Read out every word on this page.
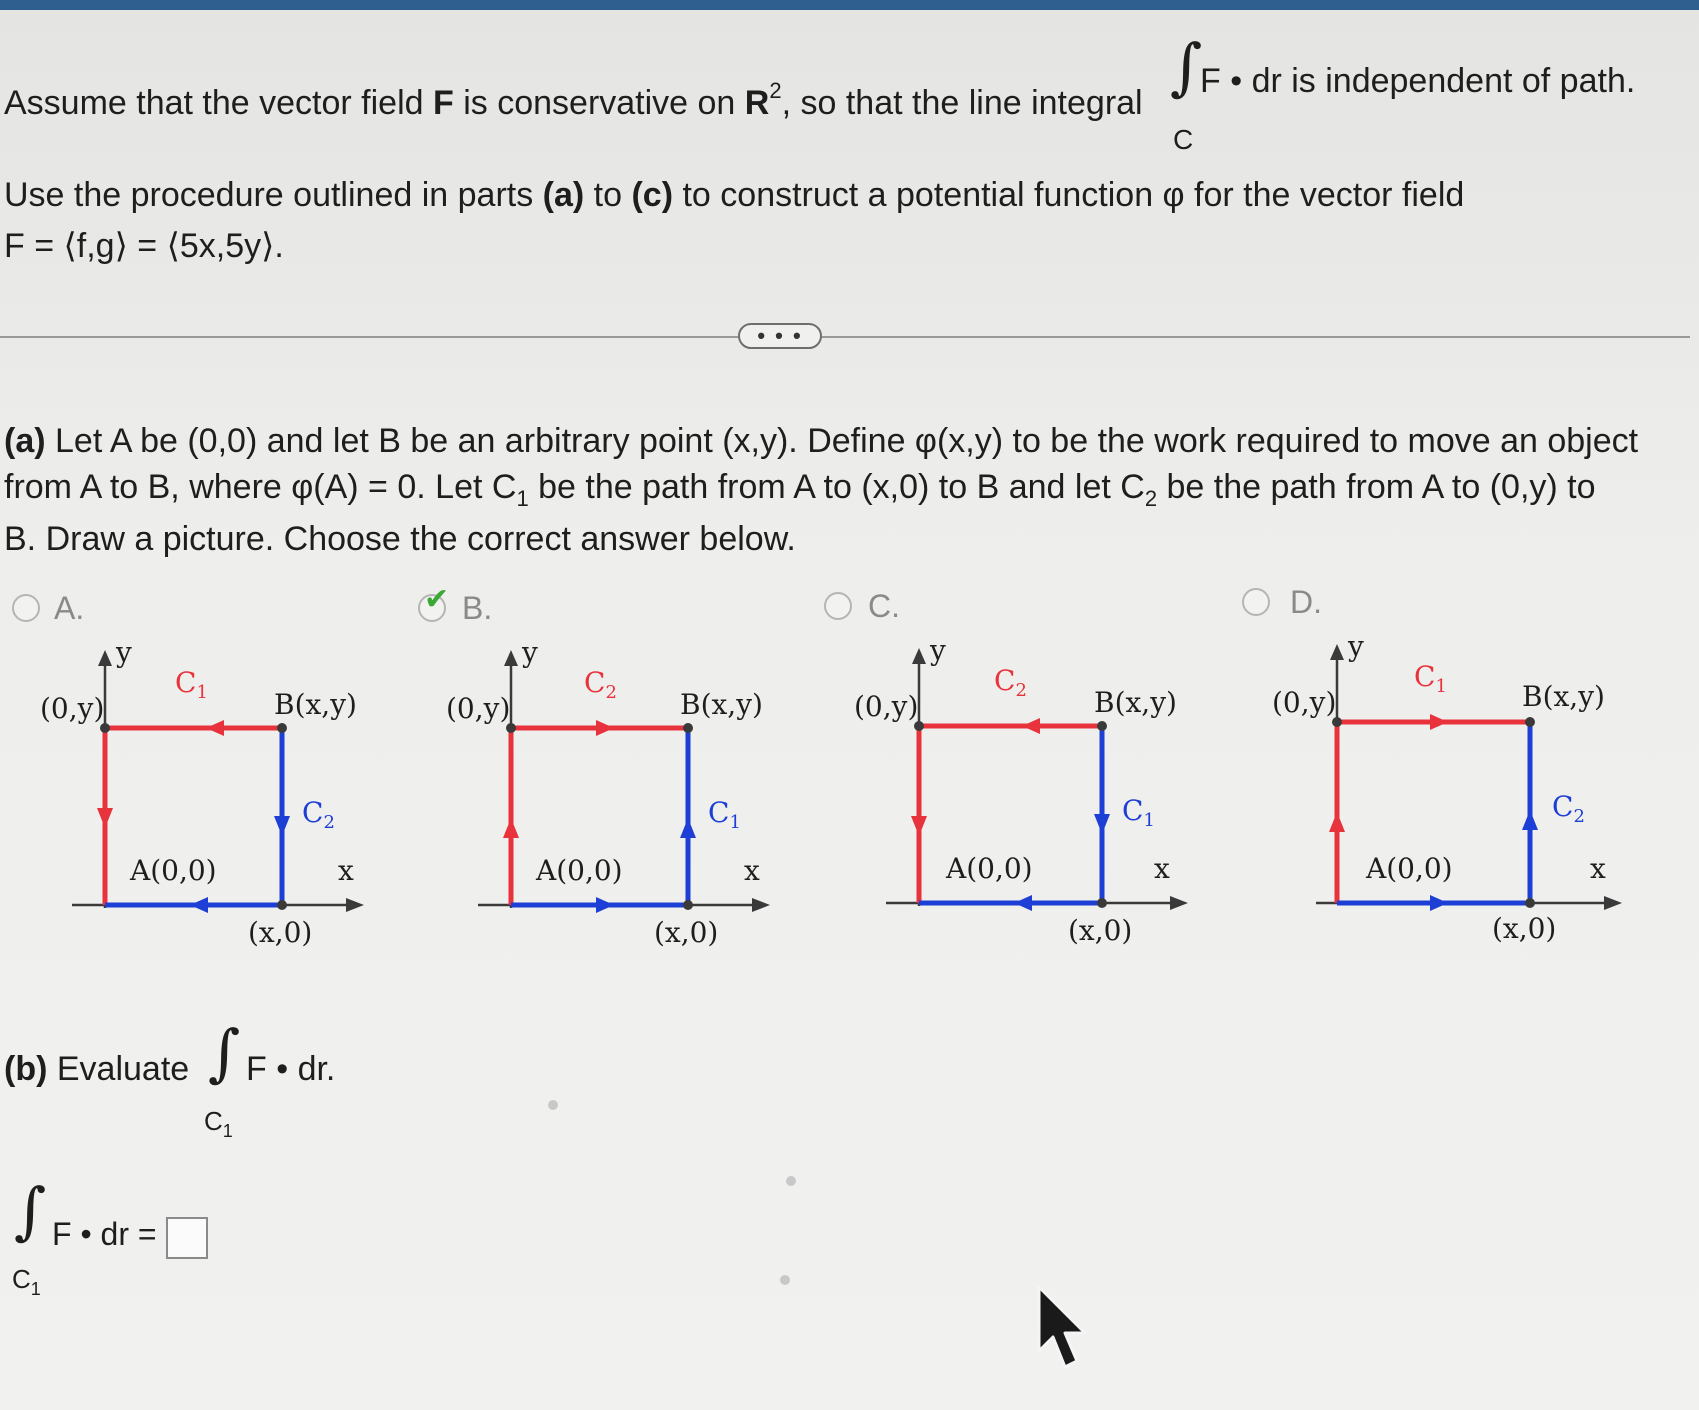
Assume that the vector field F is conservative on $R^2$, so that the line integral ∫
F • dr is independent of path.
C
Use the procedure outlined in parts (a) to (c) to construct a potential function φ for the vector field
F = ⟨f,g⟩ = ⟨5x,5y⟩.
• • •
(a) Let A be (0,0) and let B be an arbitrary point (x,y). Define φ(x,y) to be the work required to move an object
from A to B, where φ(A) = 0. Let $C_1$ be the path from A to (x,0) to B and let $C_2$ be the path from A to (0,y) to
B. Draw a picture. Choose the correct answer below.
A.	✔ B.	C.	D.
y
(0,y)
$C_1$ B(x,y)
$C_2$
A(0,0)	x
(x,0)
y
(0,y)
$C_2$ B(x,y)
$C_1$
A(0,0)	x
(x,0)
y
(0,y)
$C_2$ B(x,y)
$C_1$
A(0,0)	x
(x,0)
y
(0,y)
$C_1$	B(x,y)
$C_2$
A(0,0)	x
(x,0)
(b) Evaluate ∫ F • dr.
$C_1$
∫ F • dr =
$C_1$
